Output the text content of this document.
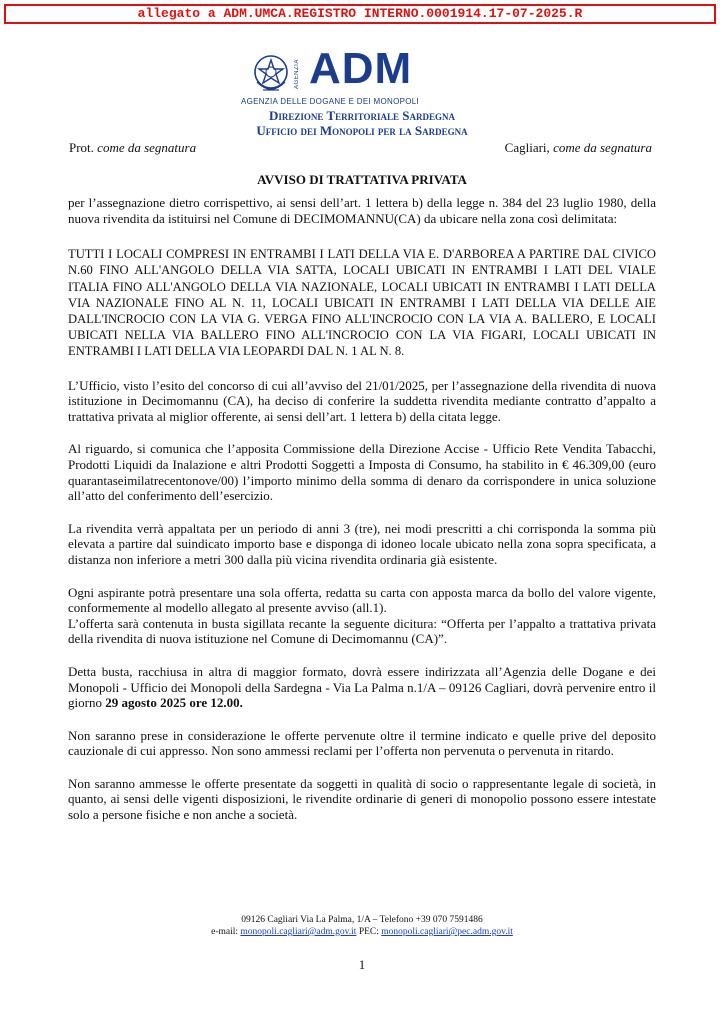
allegato a ADM.UMCA.REGISTRO INTERNO.0001914.17-07-2025.R
AGENZIA ADM
AGENZIA DELLE DOGANE E DEI MONOPOLI
Direzione Territoriale Sardegna
Ufficio dei Monopoli per la Sardegna
Prot. come da segnatura	Cagliari, come da segnatura
AVVISO DI TRATTATIVA PRIVATA

per l’assegnazione dietro corrispettivo, ai sensi dell’art. 1 lettera b) della legge n. 384 del 23 luglio 1980, della nuova rivendita da istituirsi nel Comune di DECIMOMANNU(CA) da ubicare nella zona così delimitata:

TUTTI I LOCALI COMPRESI IN ENTRAMBI I LATI DELLA VIA E. D'ARBOREA A PARTIRE DAL CIVICO N.60 FINO ALL'ANGOLO DELLA VIA SATTA, LOCALI UBICATI IN ENTRAMBI I LATI DEL VIALE ITALIA FINO ALL'ANGOLO DELLA VIA NAZIONALE, LOCALI UBICATI IN ENTRAMBI I LATI DELLA VIA NAZIONALE FINO AL N. 11, LOCALI UBICATI IN ENTRAMBI I LATI DELLA VIA DELLE AIE DALL'INCROCIO CON LA VIA G. VERGA FINO ALL'INCROCIO CON LA VIA A. BALLERO, E LOCALI UBICATI NELLA VIA BALLERO FINO ALL'INCROCIO CON LA VIA FIGARI, LOCALI UBICATI IN ENTRAMBI I LATI DELLA VIA LEOPARDI DAL N. 1 AL N. 8.

L’Ufficio, visto l’esito del concorso di cui all’avviso del 21/01/2025, per l’assegnazione della rivendita di nuova istituzione in Decimomannu (CA), ha deciso di conferire la suddetta rivendita mediante contratto d’appalto a trattativa privata al miglior offerente, ai sensi dell’art. 1 lettera b) della citata legge.

Al riguardo, si comunica che l’apposita Commissione della Direzione Accise - Ufficio Rete Vendita Tabacchi, Prodotti Liquidi da Inalazione e altri Prodotti Soggetti a Imposta di Consumo, ha stabilito in € 46.309,00 (euro quarantaseimilatrecentonove/00) l’importo minimo della somma di denaro da corrispondere in unica soluzione all’atto del conferimento dell’esercizio.

La rivendita verrà appaltata per un periodo di anni 3 (tre), nei modi prescritti a chi corrisponda la somma più elevata a partire dal suindicato importo base e disponga di idoneo locale ubicato nella zona sopra specificata, a distanza non inferiore a metri 300 dalla più vicina rivendita ordinaria già esistente.

Ogni aspirante potrà presentare una sola offerta, redatta su carta con apposta marca da bollo del valore vigente, conformemente al modello allegato al presente avviso (all.1).

L’offerta sarà contenuta in busta sigillata recante la seguente dicitura: “Offerta per l’appalto a trattativa privata della rivendita di nuova istituzione nel Comune di Decimomannu (CA)”.

Detta busta, racchiusa in altra di maggior formato, dovrà essere indirizzata all’Agenzia delle Dogane e dei Monopoli - Ufficio dei Monopoli della Sardegna - Via La Palma n.1/A – 09126 Cagliari, dovrà pervenire entro il giorno 29 agosto 2025 ore 12.00.

Non saranno prese in considerazione le offerte pervenute oltre il termine indicato e quelle prive del deposito cauzionale di cui appresso. Non sono ammessi reclami per l’offerta non pervenuta o pervenuta in ritardo.

Non saranno ammesse le offerte presentate da soggetti in qualità di socio o rappresentante legale di società, in quanto, ai sensi delle vigenti disposizioni, le rivendite ordinarie di generi di monopolio possono essere intestate solo a persone fisiche e non anche a società.

09126 Cagliari Via La Palma, 1/A – Telefono +39 070 7591486
e-mail: monopoli.cagliari@adm.gov.it PEC: monopoli.cagliari@pec.adm.gov.it
1
